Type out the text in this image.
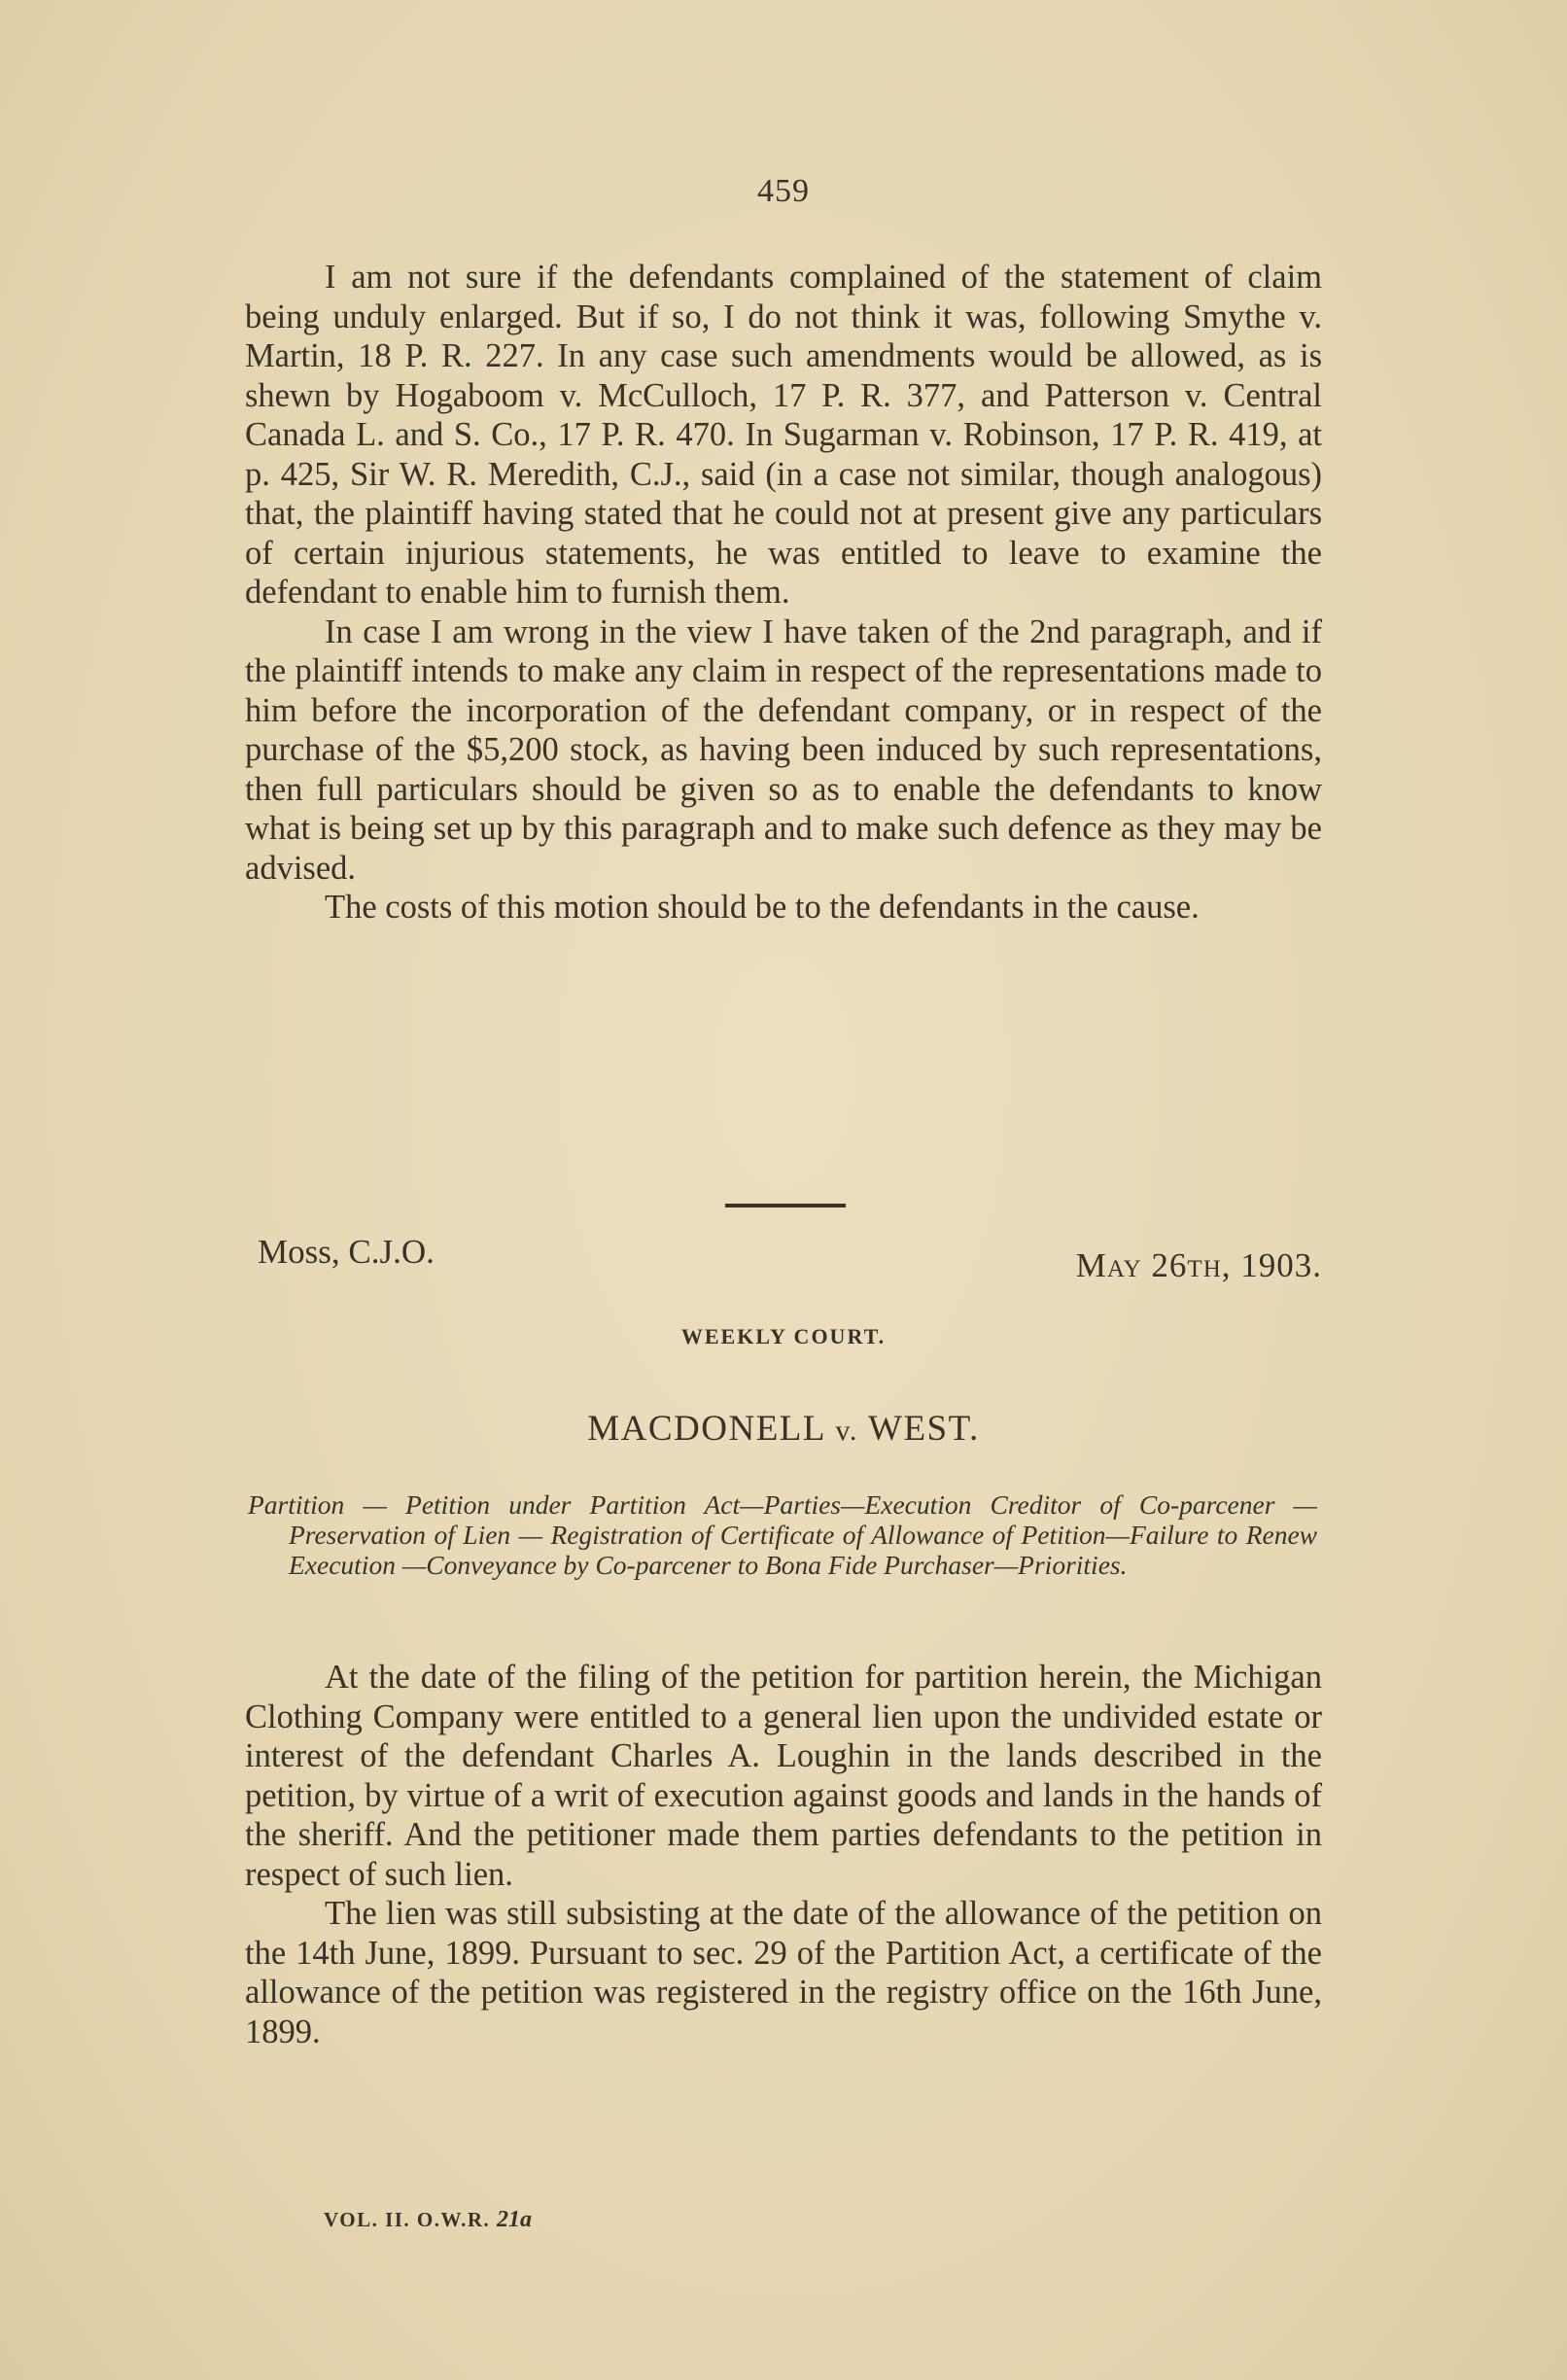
459

I am not sure if the defendants complained of the statement of claim being unduly enlarged. But if so, I do not think it was, following Smythe v. Martin, 18 P. R. 227. In any case such amendments would be allowed, as is shewn by Hogaboom v. McCulloch, 17 P. R. 377, and Patterson v. Central Canada L. and S. Co., 17 P. R. 470. In Sugarman v. Robinson, 17 P. R. 419, at p. 425, Sir W. R. Meredith, C.J., said (in a case not similar, though analogous) that, the plaintiff having stated that he could not at present give any particulars of certain injurious statements, he was entitled to leave to examine the defendant to enable him to furnish them.

In case I am wrong in the view I have taken of the 2nd paragraph, and if the plaintiff intends to make any claim in respect of the representations made to him before the incorporation of the defendant company, or in respect of the purchase of the $5,200 stock, as having been induced by such representations, then full particulars should be given so as to enable the defendants to know what is being set up by this paragraph and to make such defence as they may be advised.

The costs of this motion should be to the defendants in the cause.

Moss, C.J.O.	May 26th, 1903.
WEEKLY COURT.
MACDONELL v. WEST.
Partition — Petition under Partition Act—Parties—Execution Creditor of Co-parcener — Preservation of Lien — Registration of Certificate of Allowance of Petition—Failure to Renew Execution —Conveyance by Co-parcener to Bona Fide Purchaser—Priorities.

At the date of the filing of the petition for partition herein, the Michigan Clothing Company were entitled to a general lien upon the undivided estate or interest of the defendant Charles A. Loughin in the lands described in the petition, by virtue of a writ of execution against goods and lands in the hands of the sheriff. And the petitioner made them parties defendants to the petition in respect of such lien.

The lien was still subsisting at the date of the allowance of the petition on the 14th June, 1899. Pursuant to sec. 29 of the Partition Act, a certificate of the allowance of the petition was registered in the registry office on the 16th June, 1899.

VOL. II. O.W.R. 21a
